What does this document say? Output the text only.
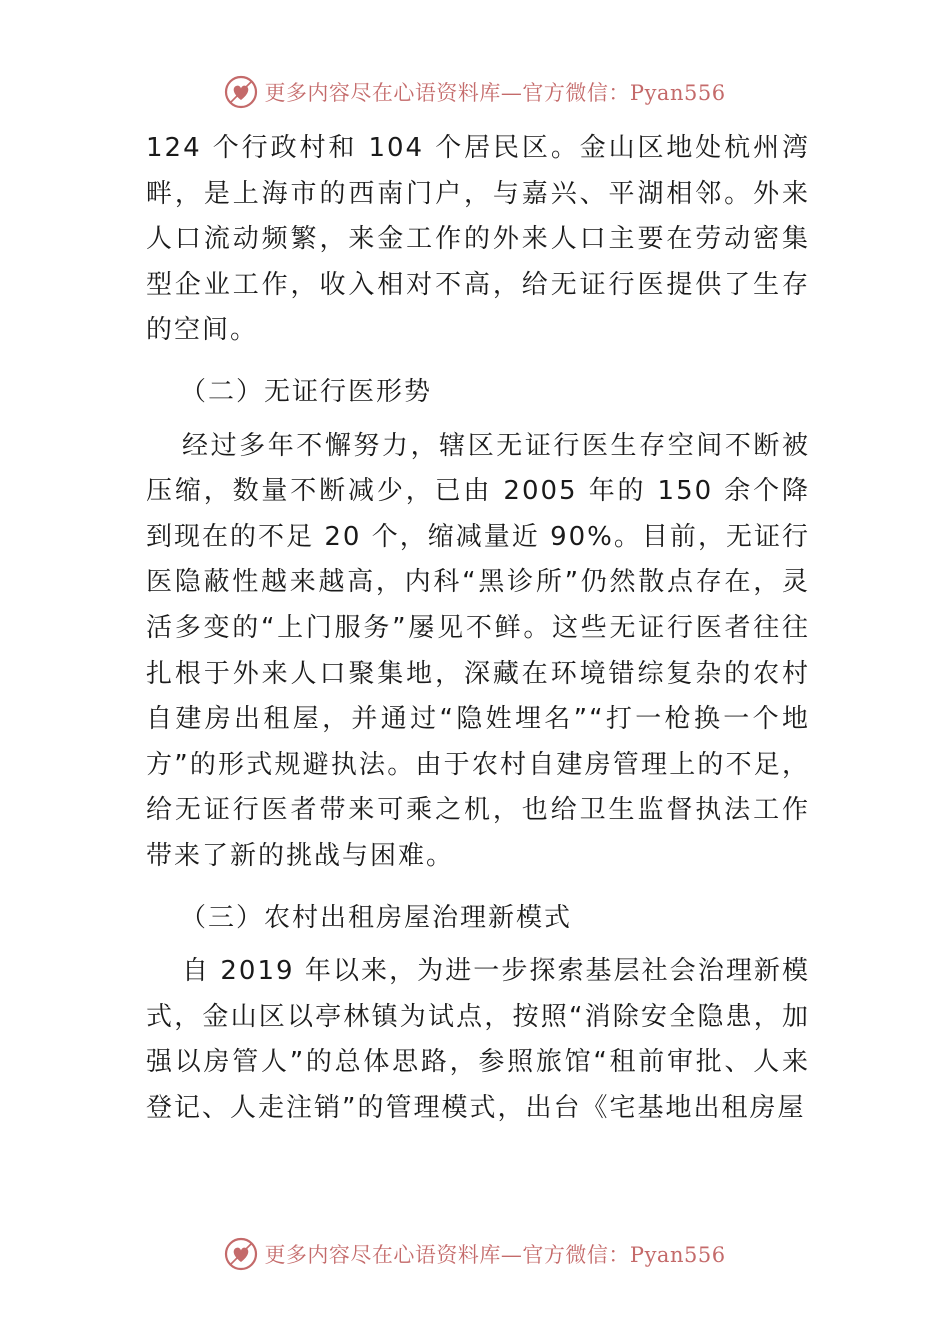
更多内容尽在心语资料库—官方微信：Pyan556

124 个行政村和 104 个居民区。金山区地处杭州湾畔，是上海市的西南门户，与嘉兴、平湖相邻。外来人口流动频繁，来金工作的外来人口主要在劳动密集型企业工作，收入相对不高，给无证行医提供了生存的空间。

（二）无证行医形势

经过多年不懈努力，辖区无证行医生存空间不断被压缩，数量不断减少，已由 2005 年的 150 余个降到现在的不足 20 个，缩减量近 90%。目前，无证行医隐蔽性越来越高，内科“黑诊所”仍然散点存在，灵活多变的“上门服务”屡见不鲜。这些无证行医者往往扎根于外来人口聚集地，深藏在环境错综复杂的农村自建房出租屋，并通过“隐姓埋名”“打一枪换一个地方”的形式规避执法。由于农村自建房管理上的不足，给无证行医者带来可乘之机，也给卫生监督执法工作带来了新的挑战与困难。

（三）农村出租房屋治理新模式

自 2019 年以来，为进一步探索基层社会治理新模式，金山区以亭林镇为试点，按照“消除安全隐患，加强以房管人”的总体思路，参照旅馆“租前审批、人来登记、人走注销”的管理模式，出台《宅基地出租房屋

更多内容尽在心语资料库—官方微信：Pyan556
